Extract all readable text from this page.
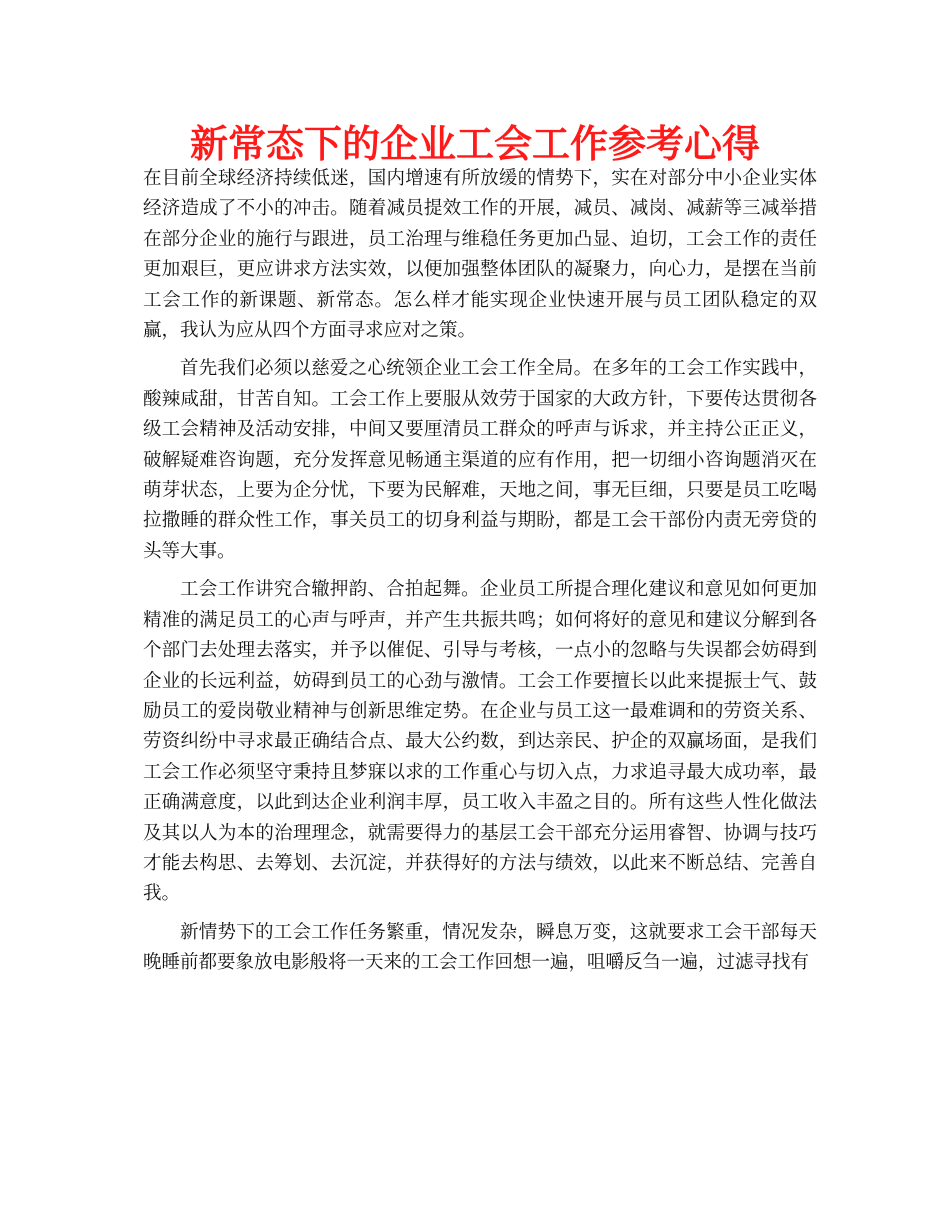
新常态下的企业工会工作参考心得

在目前全球经济持续低迷，国内增速有所放缓的情势下，实在对部分中小企业实体经济造成了不小的冲击。随着减员提效工作的开展，减员、减岗、减薪等三减举措在部分企业的施行与跟进，员工治理与维稳任务更加凸显、迫切，工会工作的责任更加艰巨，更应讲求方法实效，以便加强整体团队的凝聚力，向心力，是摆在当前工会工作的新课题、新常态。怎么样才能实现企业快速开展与员工团队稳定的双赢，我认为应从四个方面寻求应对之策。

首先我们必须以慈爱之心统领企业工会工作全局。在多年的工会工作实践中，酸辣咸甜，甘苦自知。工会工作上要服从效劳于国家的大政方针，下要传达贯彻各级工会精神及活动安排，中间又要厘清员工群众的呼声与诉求，并主持公正正义，破解疑难咨询题，充分发挥意见畅通主渠道的应有作用，把一切细小咨询题消灭在萌芽状态，上要为企分忧，下要为民解难，天地之间，事无巨细，只要是员工吃喝拉撒睡的群众性工作，事关员工的切身利益与期盼，都是工会干部份内责无旁贷的头等大事。

工会工作讲究合辙押韵、合拍起舞。企业员工所提合理化建议和意见如何更加精准的满足员工的心声与呼声，并产生共振共鸣；如何将好的意见和建议分解到各个部门去处理去落实，并予以催促、引导与考核，一点小的忽略与失误都会妨碍到企业的长远利益，妨碍到员工的心劲与激情。工会工作要擅长以此来提振士气、鼓励员工的爱岗敬业精神与创新思维定势。在企业与员工这一最难调和的劳资关系、劳资纠纷中寻求最正确结合点、最大公约数，到达亲民、护企的双赢场面，是我们工会工作必须坚守秉持且梦寐以求的工作重心与切入点，力求追寻最大成功率，最正确满意度，以此到达企业利润丰厚，员工收入丰盈之目的。所有这些人性化做法及其以人为本的治理理念，就需要得力的基层工会干部充分运用睿智、协调与技巧才能去构思、去筹划、去沉淀，并获得好的方法与绩效，以此来不断总结、完善自我。

新情势下的工会工作任务繁重，情况发杂，瞬息万变，这就要求工会干部每天晚睡前都要象放电影般将一天来的工会工作回想一遍，咀嚼反刍一遍，过滤寻找有
